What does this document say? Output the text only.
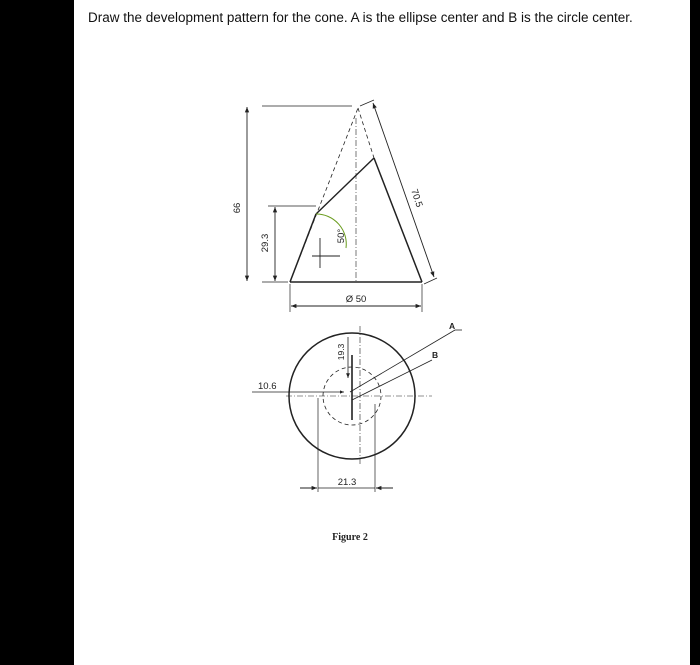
Draw the development pattern for the cone. A is the ellipse center and B is the circle center.
66
29.3	50°
70.5
Ø 50
19.3
10.6
21.3
A
B
Figure 2
